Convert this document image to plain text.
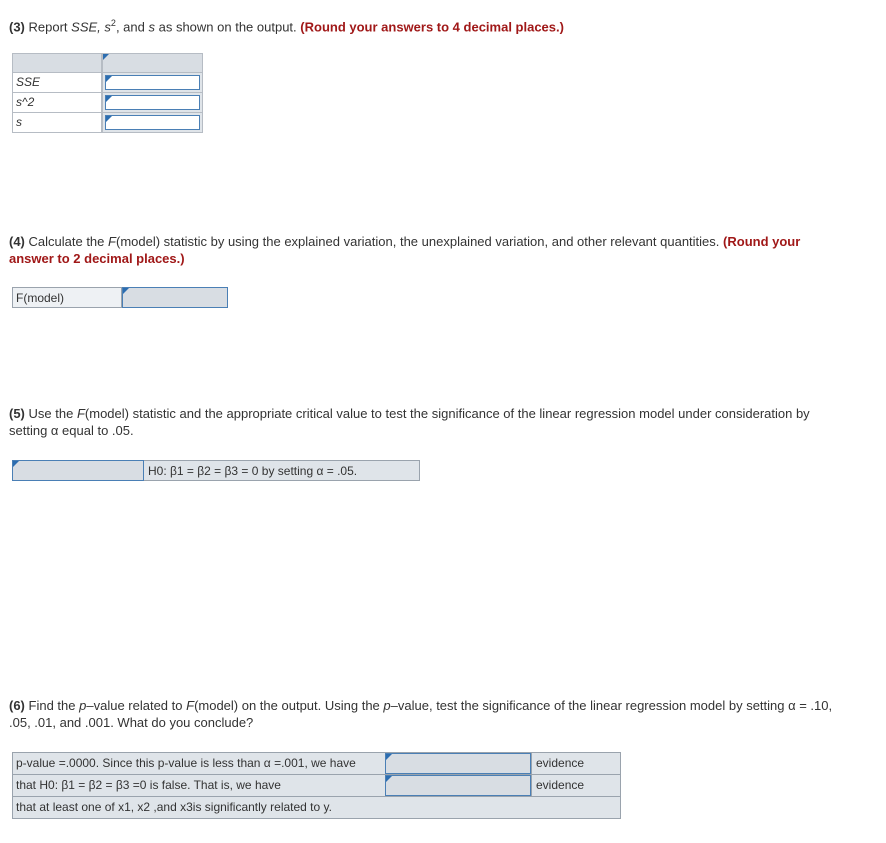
(3) Report SSE, $s^2$, and s as shown on the output. (Round your answers to 4 decimal places.)
SSE
s^2
s
(4) Calculate the F(model) statistic by using the explained variation, the unexplained variation, and other relevant quantities. (Round your answer to 2 decimal places.)
F(model)
(5) Use the F(model) statistic and the appropriate critical value to test the significance of the linear regression model under consideration by setting α equal to .05.
H0: β1 = β2 = β3 = 0 by setting α = .05.
(6) Find the p–value related to F(model) on the output. Using the p–value, test the significance of the linear regression model by setting α = .10, .05, .01, and .001. What do you conclude?
p-value =.0000. Since this p-value is less than α =.001, we have	evidence
that H0: β1 = β2 = β3 =0 is false. That is, we have	evidence
that at least one of x1, x2 ,and x3is significantly related to y.
